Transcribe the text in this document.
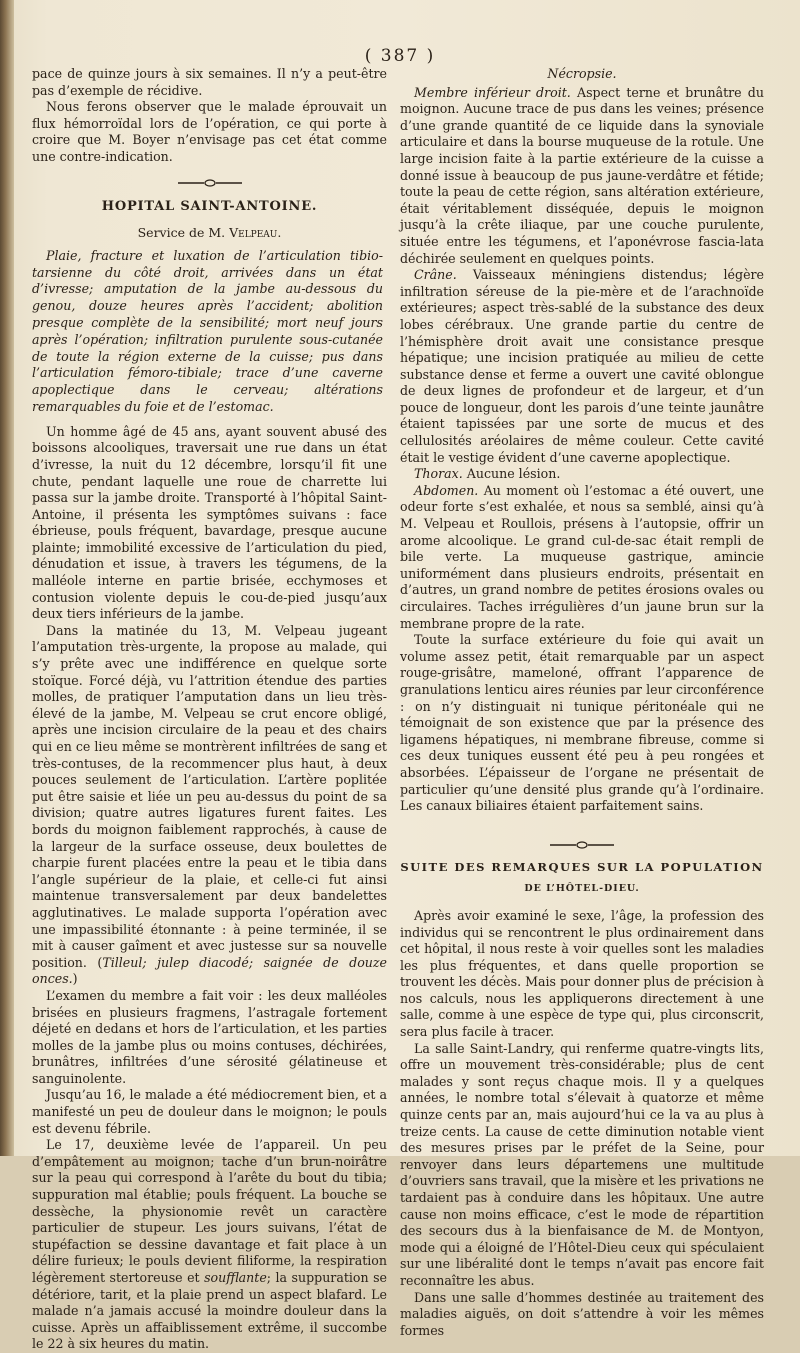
( 387 )

pace de quinze jours à six semaines. Il n’y a peut-être pas d’exemple de récidive.

Nous ferons observer que le malade éprouvait un flux hémorroïdal lors de l’opération, ce qui porte à croire que M. Boyer n’envisage pas cet état comme une contre-indication.

HOPITAL SAINT-ANTOINE.
Service de M. Velpeau.

Plaie, fracture et luxation de l’articulation tibio-tarsienne du côté droit, arrivées dans un état d’ivresse; amputation de la jambe au-dessous du genou, douze heures après l’accident; abolition presque complète de la sensibilité; mort neuf jours après l’opération; infiltration purulente sous-cutanée de toute la région externe de la cuisse; pus dans l’articulation fémoro-tibiale; trace d’une caverne apoplectique dans le cerveau; altérations remarquables du foie et de l’estomac.

Un homme âgé de 45 ans, ayant souvent abusé des boissons alcooliques, traversait une rue dans un état d’ivresse, la nuit du 12 décembre, lorsqu’il fit une chute, pendant laquelle une roue de charrette lui passa sur la jambe droite. Transporté à l’hôpital Saint-Antoine, il présenta les symptômes suivans : face ébrieuse, pouls fréquent, bavardage, presque aucune plainte; immobilité excessive de l’articulation du pied, dénudation et issue, à travers les tégumens, de la malléole interne en partie brisée, ecchymoses et contusion violente depuis le cou-de-pied jusqu’aux deux tiers inférieurs de la jambe.

Dans la matinée du 13, M. Velpeau jugeant l’amputation très-urgente, la propose au malade, qui s’y prête avec une indifférence en quelque sorte stoïque. Forcé déjà, vu l’attrition étendue des parties molles, de pratiquer l’amputation dans un lieu très-élevé de la jambe, M. Velpeau se crut encore obligé, après une incision circulaire de la peau et des chairs qui en ce lieu même se montrèrent infiltrées de sang et très-contuses, de la recommencer plus haut, à deux pouces seulement de l’articulation. L’artère poplitée put être saisie et liée un peu au-dessus du point de sa division; quatre autres ligatures furent faites. Les bords du moignon faiblement rapprochés, à cause de la largeur de la surface osseuse, deux boulettes de charpie furent placées entre la peau et le tibia dans l’angle supérieur de la plaie, et celle-ci fut ainsi maintenue transversalement par deux bandelettes agglutinatives. Le malade supporta l’opération avec une impassibilité étonnante : à peine terminée, il se mit à causer gaîment et avec justesse sur sa nouvelle position. (Tilleul; julep diacodé; saignée de douze onces.)

L’examen du membre a fait voir : les deux malléoles brisées en plusieurs fragmens, l’astragale fortement déjeté en dedans et hors de l’articulation, et les parties molles de la jambe plus ou moins contuses, déchirées, brunâtres, infiltrées d’une sérosité gélatineuse et sanguinolente.

Jusqu’au 16, le malade a été médiocrement bien, et a manifesté un peu de douleur dans le moignon; le pouls est devenu fébrile.

Le 17, deuxième levée de l’appareil. Un peu d’empâtement au moignon; tache d’un brun-noirâtre sur la peau qui correspond à l’arête du bout du tibia; suppuration mal établie; pouls fréquent. La bouche se dessèche, la physionomie revêt un caractère particulier de stupeur. Les jours suivans, l’état de stupéfaction se dessine davantage et fait place à un délire furieux; le pouls devient filiforme, la respiration légèrement stertoreuse et soufflante; la suppuration se détériore, tarit, et la plaie prend un aspect blafard. Le malade n’a jamais accusé la moindre douleur dans la cuisse. Après un affaiblissement extrême, il succombe le 22 à six heures du matin.

Nécropsie.

Membre inférieur droit. Aspect terne et brunâtre du moignon. Aucune trace de pus dans les veines; présence d’une grande quantité de ce liquide dans la synoviale articulaire et dans la bourse muqueuse de la rotule. Une large incision faite à la partie extérieure de la cuisse a donné issue à beaucoup de pus jaune-verdâtre et fétide; toute la peau de cette région, sans altération extérieure, était véritablement disséquée, depuis le moignon jusqu’à la crête iliaque, par une couche purulente, située entre les tégumens, et l’aponévrose fascia-lata déchirée seulement en quelques points.

Crâne. Vaisseaux méningiens distendus; légère infiltration séreuse de la pie-mère et de l’arachnoïde extérieures; aspect très-sablé de la substance des deux lobes cérébraux. Une grande partie du centre de l’hémisphère droit avait une consistance presque hépatique; une incision pratiquée au milieu de cette substance dense et ferme a ouvert une cavité oblongue de deux lignes de profondeur et de largeur, et d’un pouce de longueur, dont les parois d’une teinte jaunâtre étaient tapissées par une sorte de mucus et des cellulosités aréolaires de même couleur. Cette cavité était le vestige évident d’une caverne apoplectique.

Thorax. Aucune lésion.

Abdomen. Au moment où l’estomac a été ouvert, une odeur forte s’est exhalée, et nous sa semblé, ainsi qu’à M. Velpeau et Roullois, présens à l’autopsie, offrir un arome alcoolique. Le grand cul-de-sac était rempli de bile verte. La muqueuse gastrique, amincie uniformément dans plusieurs endroits, présentait en d’autres, un grand nombre de petites érosions ovales ou circulaires. Taches irrégulières d’un jaune brun sur la membrane propre de la rate.

Toute la surface extérieure du foie qui avait un volume assez petit, était remarquable par un aspect rouge-grisâtre, mameloné, offrant l’apparence de granulations lenticu aires réunies par leur circonférence : on n’y distinguait ni tunique péritonéale qui ne témoignait de son existence que par la présence des ligamens hépatiques, ni membrane fibreuse, comme si ces deux tuniques eussent été peu à peu rongées et absorbées. L’épaisseur de l’organe ne présentait de particulier qu’une densité plus grande qu’à l’ordinaire. Les canaux biliaires étaient parfaitement sains.

SUITE DES REMARQUES SUR LA POPULATION
DE L’HÔTEL-DIEU.

Après avoir examiné le sexe, l’âge, la profession des individus qui se rencontrent le plus ordinairement dans cet hôpital, il nous reste à voir quelles sont les maladies les plus fréquentes, et dans quelle proportion se trouvent les décès. Mais pour donner plus de précision à nos calculs, nous les appliquerons directement à une salle, comme à une espèce de type qui, plus circonscrit, sera plus facile à tracer.

La salle Saint-Landry, qui renferme quatre-vingts lits, offre un mouvement très-considérable; plus de cent malades y sont reçus chaque mois. Il y a quelques années, le nombre total s’élevait à quatorze et même quinze cents par an, mais aujourd’hui ce la va au plus à treize cents. La cause de cette diminution notable vient des mesures prises par le préfet de la Seine, pour renvoyer dans leurs départemens une multitude d’ouvriers sans travail, que la misère et les privations ne tardaient pas à conduire dans les hôpitaux. Une autre cause non moins efficace, c’est le mode de répartition des secours dus à la bienfaisance de M. de Montyon, mode qui a éloigné de l’Hôtel-Dieu ceux qui spéculaient sur une libéralité dont le temps n’avait pas encore fait reconnaître les abus.

Dans une salle d’hommes destinée au traitement des maladies aiguës, on doit s’attendre à voir les mêmes formes
